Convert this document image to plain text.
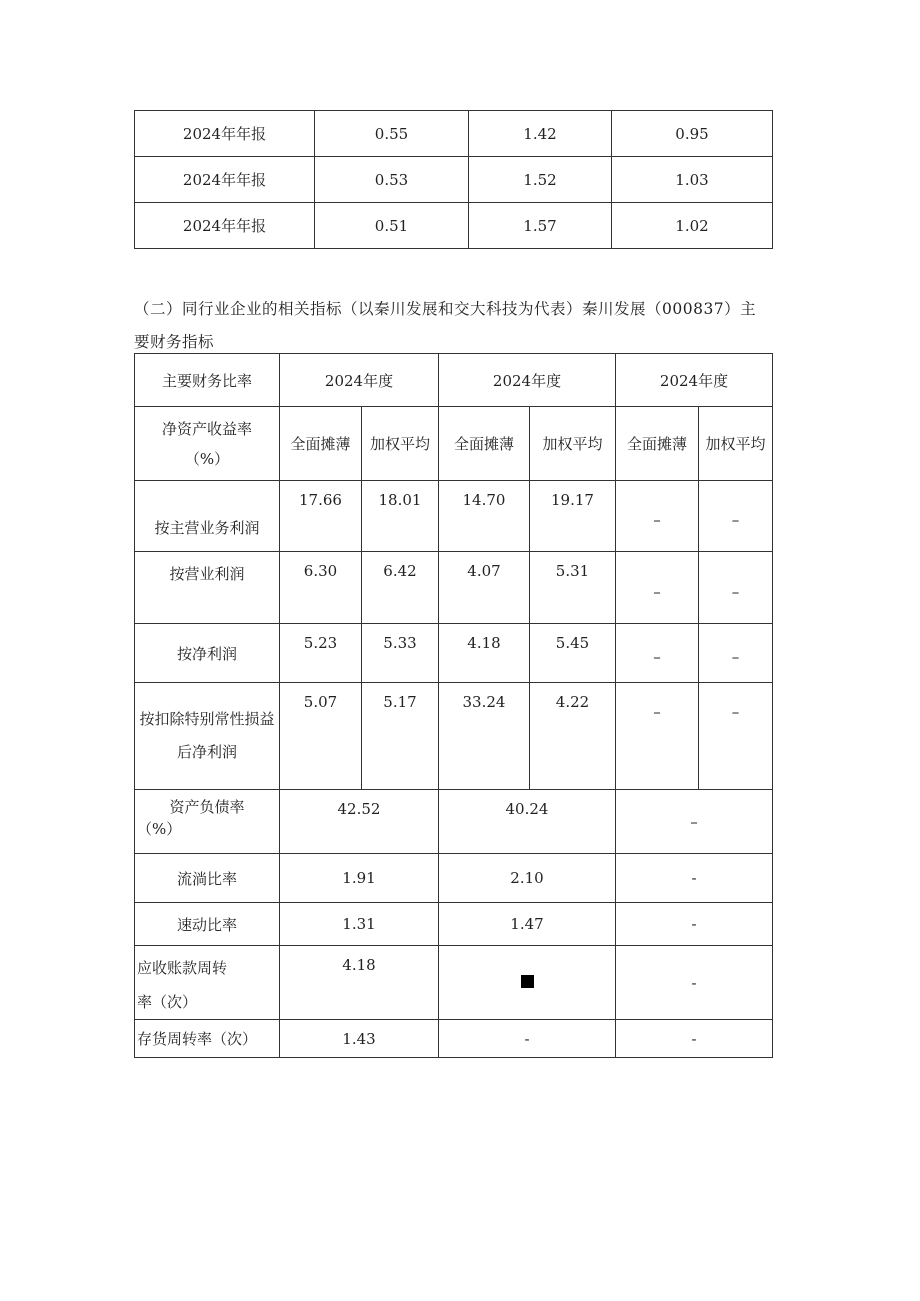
2024年年报	0.55	1.42	0.95
2024年年报	0.53	1.52	1.03
2024年年报	0.51	1.57	1.02
（二）同行业企业的相关指标（以秦川发展和交大科技为代表）秦川发展（000837）主
要财务指标
主要财务比率	2024年度		2024年度		2024年度	

净资产收益率
（%）	全面摊薄	加权平均	全面摊薄	加权平均	全面摊薄	加权平均
按主营业务利润	17.66	18.01	14.70	19.17	–	–
按营业利润	6.30	6.42	4.07	5.31	–	–
按净利润	5.23	5.33	4.18	5.45	–	–
按扣除特别常性损益后净利润	5.07	5.17	33.24	4.22	–	–

资产负债率
（%）	42.52		40.24		–	
流淌比率	1.91		2.10		-	
速动比率	1.31		1.47		-	

应收账款周转
率（次）	4.18				-	
存货周转率（次）	1.43		-		-	
